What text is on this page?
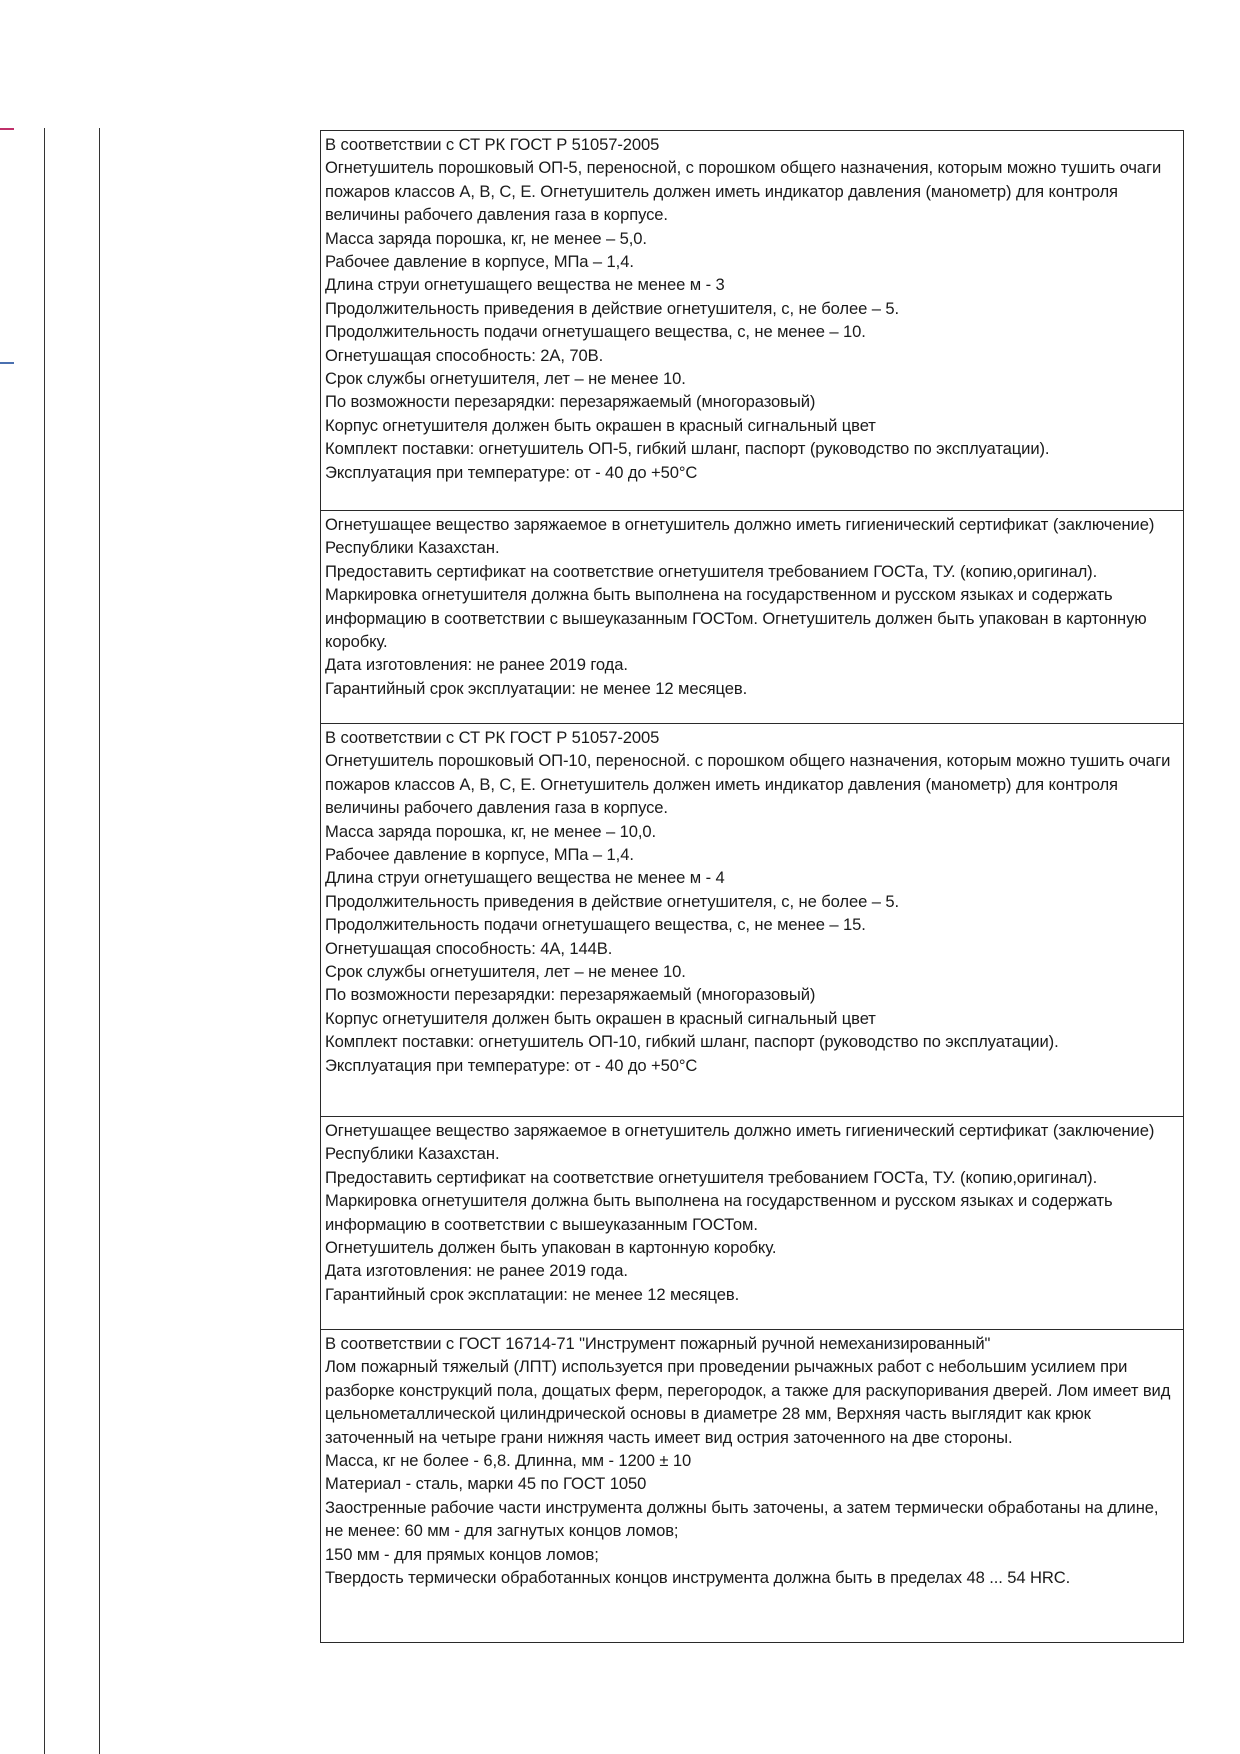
В соответствии с СТ РК ГОСТ Р 51057-2005

Огнетушитель порошковый ОП-5, переносной, с порошком общего назначения, которым можно тушить очаги пожаров классов А, В, С, Е. Огнетушитель должен иметь индикатор давления (манометр) для контроля величины рабочего давления газа в корпусе.

Масса заряда порошка, кг, не менее – 5,0.

Рабочее давление в корпусе, МПа – 1,4.

Длина струи огнетушащего вещества не менее м - 3

Продолжительность приведения в действие огнетушителя, с, не более – 5.

Продолжительность подачи огнетушащего вещества, с, не менее – 10.

Огнетушащая способность: 2А, 70В.

Срок службы огнетушителя, лет – не менее 10.

По возможности перезарядки: перезаряжаемый (многоразовый)

Корпус огнетушителя должен быть окрашен в красный сигнальный цвет

Комплект поставки: огнетушитель ОП-5, гибкий шланг, паспорт (руководство по эксплуатации).

Эксплуатация при температуре: от - 40 до +50°С

Огнетушащее вещество заряжаемое в огнетушитель должно иметь гигиенический сертификат (заключение) Республики Казахстан.

Предоставить сертификат на соответствие огнетушителя требованием ГОСТа, ТУ. (копию,оригинал).

Маркировка огнетушителя должна быть выполнена на государственном и русском языках и содержать информацию в соответствии с вышеуказанным ГОСТом. Огнетушитель должен быть упакован в картонную коробку.

Дата изготовления: не ранее 2019 года.

Гарантийный срок эксплуатации: не менее 12 месяцев.

В соответствии с СТ РК ГОСТ Р 51057-2005

Огнетушитель порошковый ОП-10, переносной. с порошком общего назначения, которым можно тушить очаги пожаров классов А, В, С, Е. Огнетушитель должен иметь индикатор давления (манометр) для контроля величины рабочего давления газа в корпусе.

Масса заряда порошка, кг, не менее – 10,0.

Рабочее давление в корпусе, МПа – 1,4.

Длина струи огнетушащего вещества не менее м - 4

Продолжительность приведения в действие огнетушителя, с, не более – 5.

Продолжительность подачи огнетушащего вещества, с, не менее – 15.

Огнетушащая способность: 4А, 144В.

Срок службы огнетушителя, лет – не менее 10.

По возможности перезарядки: перезаряжаемый (многоразовый)

Корпус огнетушителя должен быть окрашен в красный сигнальный цвет

Комплект поставки: огнетушитель ОП-10, гибкий шланг, паспорт (руководство по эксплуатации).

Эксплуатация при температуре: от - 40 до +50°С

Огнетушащее вещество заряжаемое в огнетушитель должно иметь гигиенический сертификат (заключение) Республики Казахстан.

Предоставить сертификат на соответствие огнетушителя требованием ГОСТа, ТУ. (копию,оригинал).

Маркировка огнетушителя должна быть выполнена на государственном и русском языках и содержать информацию в соответствии с вышеуказанным ГОСТом.

Огнетушитель должен быть упакован в картонную коробку.

Дата изготовления: не ранее 2019 года.

Гарантийный срок эксплатации: не менее 12 месяцев.

В соответствии с ГОСТ 16714-71 "Инструмент пожарный ручной немеханизированный"

Лом пожарный тяжелый (ЛПТ) используется при проведении рычажных работ с небольшим усилием при разборке конструкций пола, дощатых ферм, перегородок, а также для раскупоривания дверей. Лом имеет вид цельнометаллической цилиндрической основы в диаметре 28 мм, Верхняя часть выглядит как крюк заточенный на четыре грани нижняя часть имеет вид острия заточенного на две стороны.

Масса, кг не более - 6,8. Длинна, мм - 1200 ± 10

Материал - сталь, марки 45 по ГОСТ 1050

Заостренные рабочие части инструмента должны быть заточены, а затем термически обработаны на длине, не менее: 60 мм - для загнутых концов ломов;

150 мм - для прямых концов ломов;

Твердость термически обработанных концов инструмента должна быть в пределах 48 ... 54 HRC.
